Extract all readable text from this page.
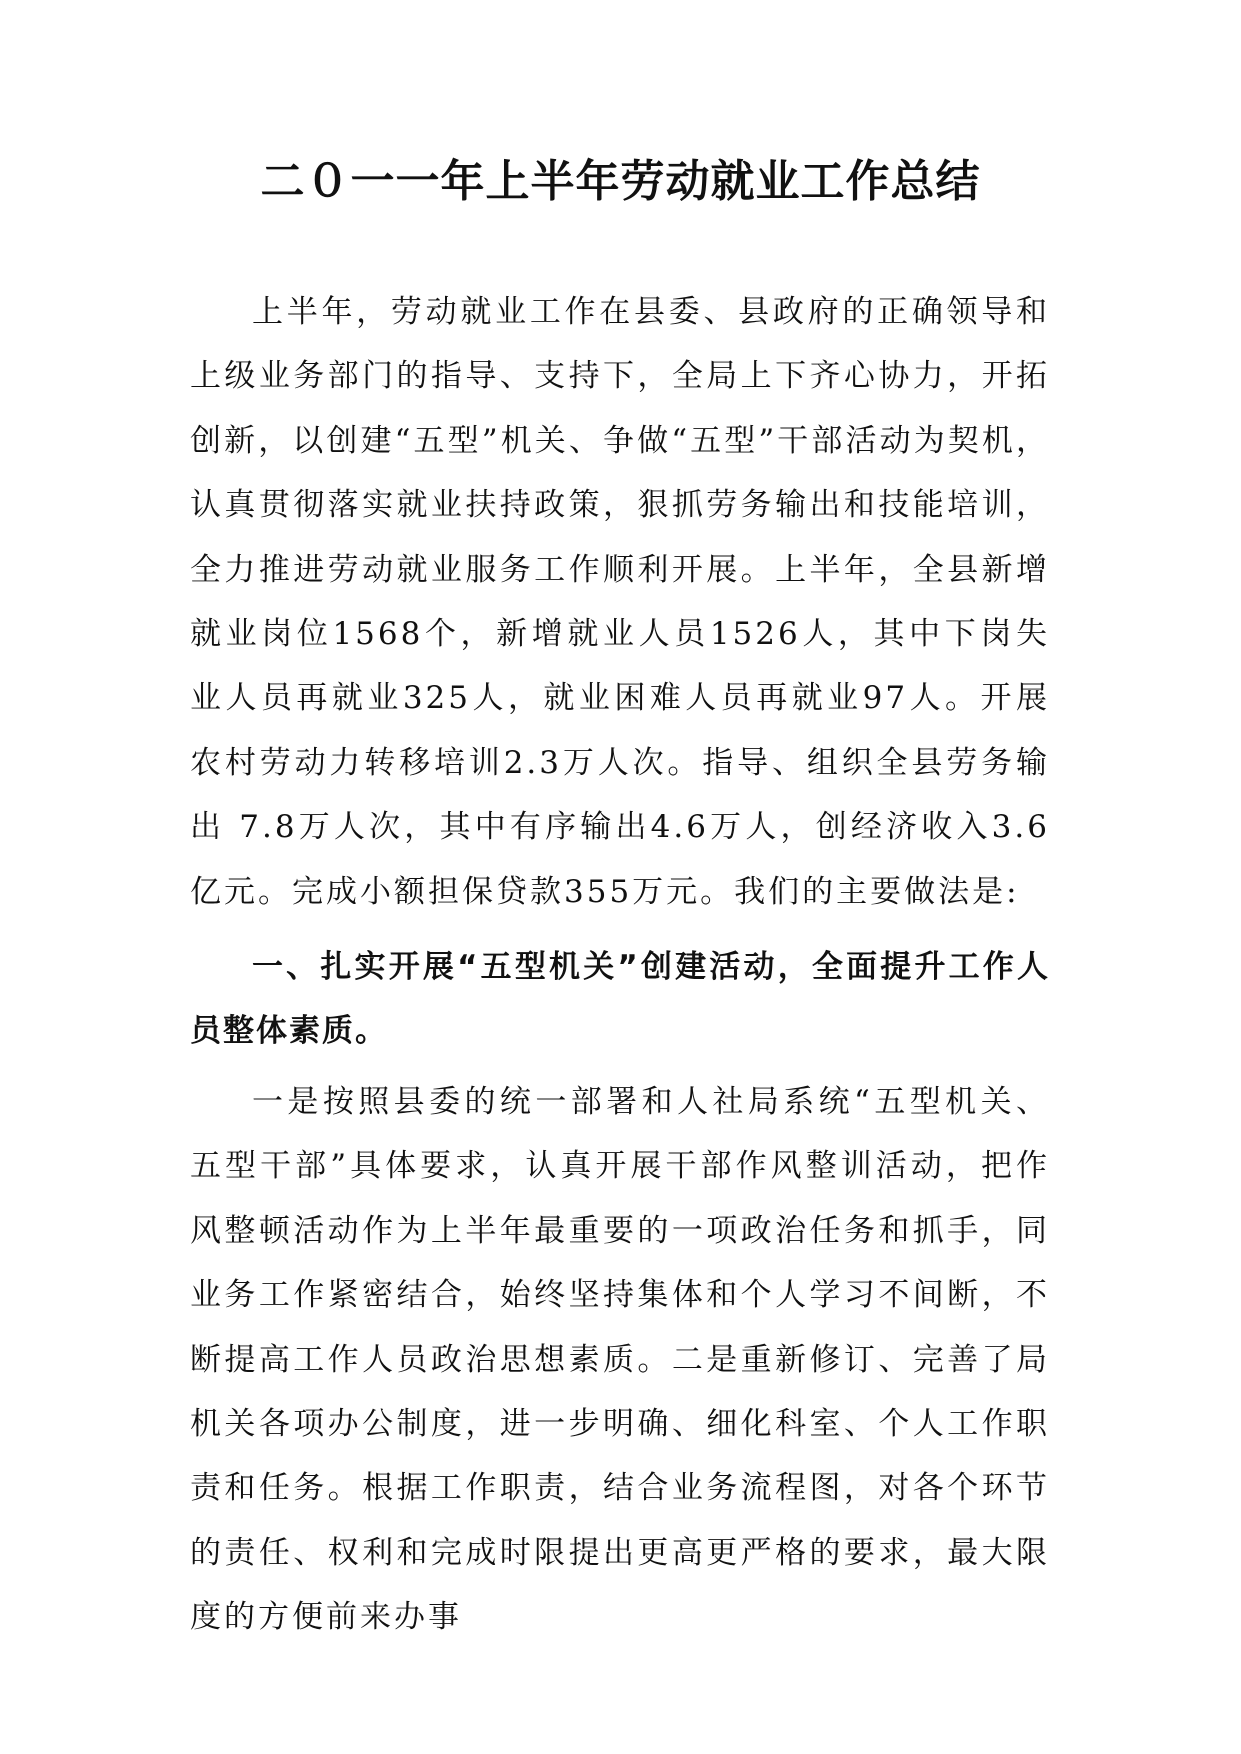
二０一一年上半年劳动就业工作总结

上半年，劳动就业工作在县委、县政府的正确领导和上级业务部门的指导、支持下，全局上下齐心协力，开拓创新，以创建“五型”机关、争做“五型”干部活动为契机，认真贯彻落实就业扶持政策，狠抓劳务输出和技能培训，全力推进劳动就业服务工作顺利开展。上半年，全县新增就业岗位1568个，新增就业人员1526人，其中下岗失业人员再就业325人，就业困难人员再就业97人。开展农村劳动力转移培训2.3万人次。指导、组织全县劳务输出 7.8万人次，其中有序输出4.6万人，创经济收入3.6亿元。完成小额担保贷款355万元。我们的主要做法是:

一、扎实开展“五型机关”创建活动，全面提升工作人员整体素质。

一是按照县委的统一部署和人社局系统“五型机关、五型干部”具体要求，认真开展干部作风整训活动，把作风整顿活动作为上半年最重要的一项政治任务和抓手，同业务工作紧密结合，始终坚持集体和个人学习不间断，不断提高工作人员政治思想素质。二是重新修订、完善了局机关各项办公制度，进一步明确、细化科室、个人工作职责和任务。根据工作职责，结合业务流程图，对各个环节的责任、权利和完成时限提出更高更严格的要求，最大限度的方便前来办事
